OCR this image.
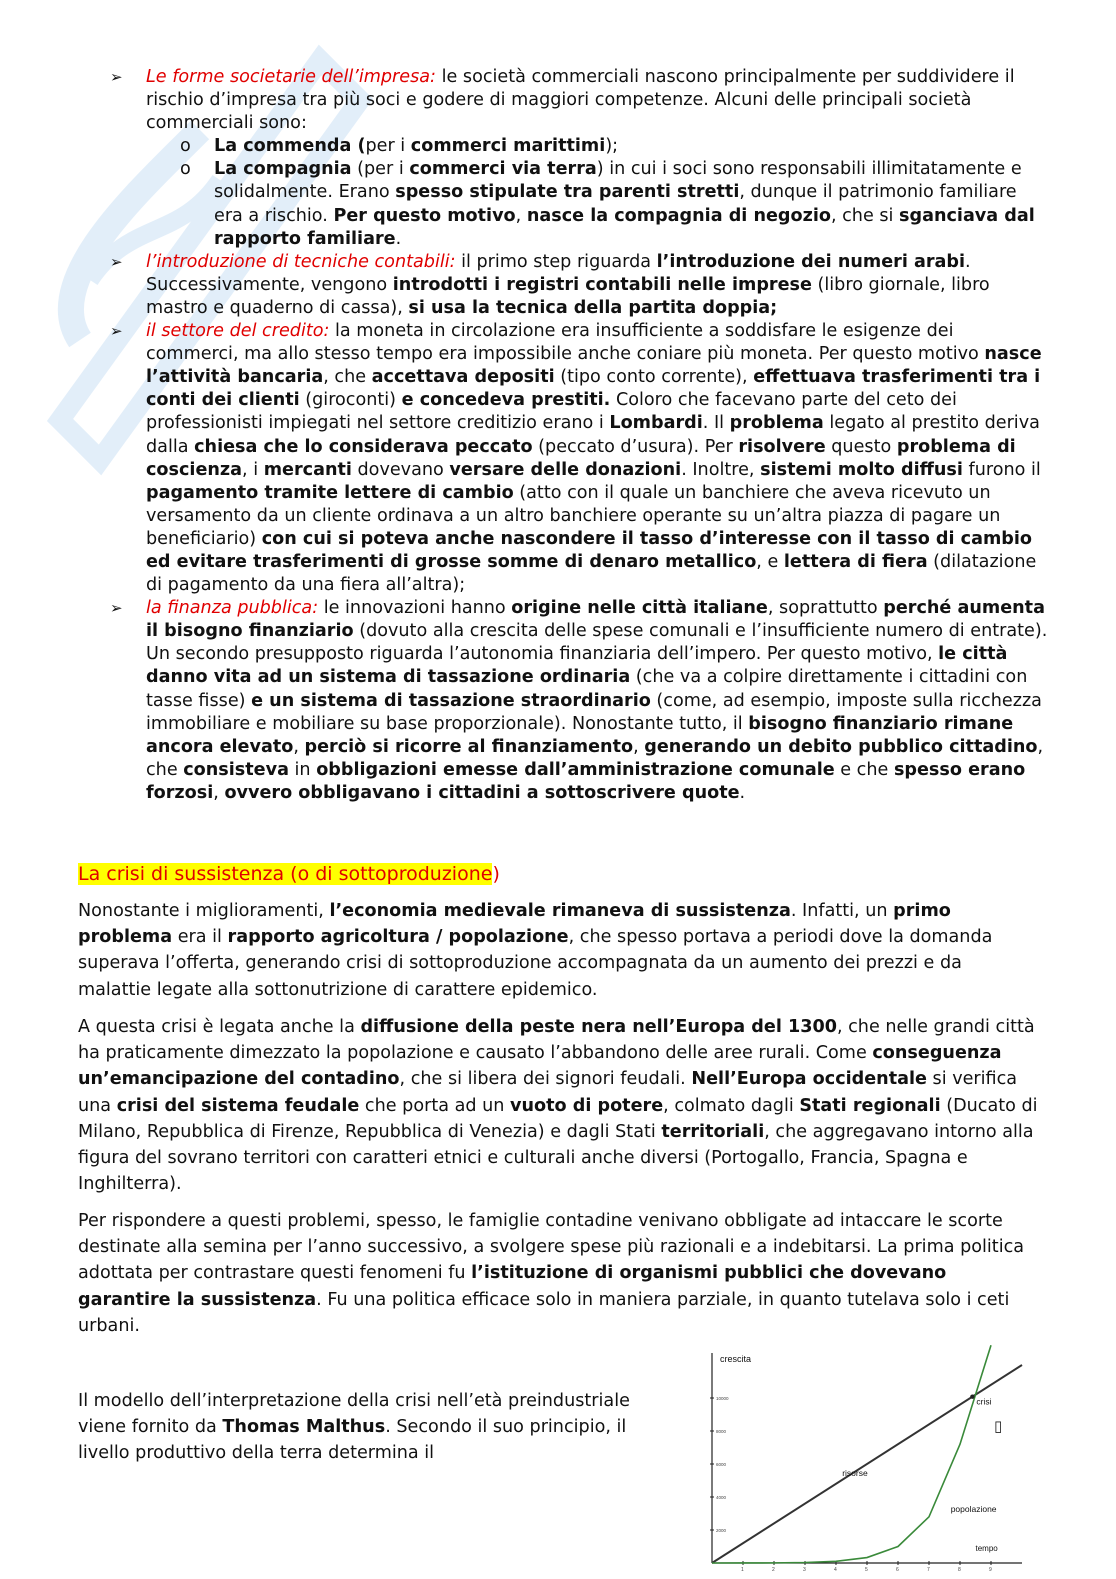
➢ Le forme societarie dell’impresa: le società commerciali nascono principalmente per suddividere il rischio d’impresa tra più soci e godere di maggiori competenze. Alcuni delle principali società commerciali sono:
o La commenda (per i commerci marittimi);
o La compagnia (per i commerci via terra) in cui i soci sono responsabili illimitatamente e solidalmente. Erano spesso stipulate tra parenti stretti, dunque il patrimonio familiare era a rischio. Per questo motivo, nasce la compagnia di negozio, che si sganciava dal rapporto familiare.
➢ l’introduzione di tecniche contabili: il primo step riguarda l’introduzione dei numeri arabi. Successivamente, vengono introdotti i registri contabili nelle imprese (libro giornale, libro mastro e quaderno di cassa), si usa la tecnica della partita doppia;
➢ il settore del credito: la moneta in circolazione era insufficiente a soddisfare le esigenze dei commerci, ma allo stesso tempo era impossibile anche coniare più moneta. Per questo motivo nasce l’attività bancaria, che accettava depositi (tipo conto corrente), effettuava trasferimenti tra i conti dei clienti (giroconti) e concedeva prestiti. Coloro che facevano parte del ceto dei professionisti impiegati nel settore creditizio erano i Lombardi. Il problema legato al prestito deriva dalla chiesa che lo considerava peccato (peccato d’usura). Per risolvere questo problema di coscienza, i mercanti dovevano versare delle donazioni. Inoltre, sistemi molto diffusi furono il pagamento tramite lettere di cambio (atto con il quale un banchiere che aveva ricevuto un versamento da un cliente ordinava a un altro banchiere operante su un’altra piazza di pagare un beneficiario) con cui si poteva anche nascondere il tasso d’interesse con il tasso di cambio ed evitare trasferimenti di grosse somme di denaro metallico, e lettera di fiera (dilatazione di pagamento da una fiera all’altra);
➢ la finanza pubblica: le innovazioni hanno origine nelle città italiane, soprattutto perché aumenta il bisogno finanziario (dovuto alla crescita delle spese comunali e l’insufficiente numero di entrate). Un secondo presupposto riguarda l’autonomia finanziaria dell’impero. Per questo motivo, le città danno vita ad un sistema di tassazione ordinaria (che va a colpire direttamente i cittadini con tasse fisse) e un sistema di tassazione straordinario (come, ad esempio, imposte sulla ricchezza immobiliare e mobiliare su base proporzionale). Nonostante tutto, il bisogno finanziario rimane ancora elevato, perciò si ricorre al finanziamento, generando un debito pubblico cittadino, che consisteva in obbligazioni emesse dall’amministrazione comunale e che spesso erano forzosi, ovvero obbligavano i cittadini a sottoscrivere quote.
La crisi di sussistenza (o di sottoproduzione)

Nonostante i miglioramenti, l’economia medievale rimaneva di sussistenza. Infatti, un primo problema era il rapporto agricoltura / popolazione, che spesso portava a periodi dove la domanda superava l’offerta, generando crisi di sottoproduzione accompagnata da un aumento dei prezzi e da malattie legate alla sottonutrizione di carattere epidemico.

A questa crisi è legata anche la diffusione della peste nera nell’Europa del 1300, che nelle grandi città ha praticamente dimezzato la popolazione e causato l’abbandono delle aree rurali. Come conseguenza un’emancipazione del contadino, che si libera dei signori feudali. Nell’Europa occidentale si verifica una crisi del sistema feudale che porta ad un vuoto di potere, colmato dagli Stati regionali (Ducato di Milano, Repubblica di Firenze, Repubblica di Venezia) e dagli Stati territoriali, che aggregavano intorno alla figura del sovrano territori con caratteri etnici e culturali anche diversi (Portogallo, Francia, Spagna e Inghilterra).

Per rispondere a questi problemi, spesso, le famiglie contadine venivano obbligate ad intaccare le scorte destinate alla semina per l’anno successivo, a svolgere spese più razionali e a indebitarsi. La prima politica adottata per contrastare questi fenomeni fu l’istituzione di organismi pubblici che dovevano garantire la sussistenza. Fu una politica efficace solo in maniera parziale, in quanto tutelava solo i ceti urbani.

Il modello dell’interpretazione della crisi nell’età preindustriale viene fornito da Thomas Malthus. Secondo il suo principio, il livello produttivo della terra determina il

crescita
tempo
2000
4000
6000
8000
10000
1	2	3	4	5	6	7	8	9
crisi
risorse
popolazione
▯
